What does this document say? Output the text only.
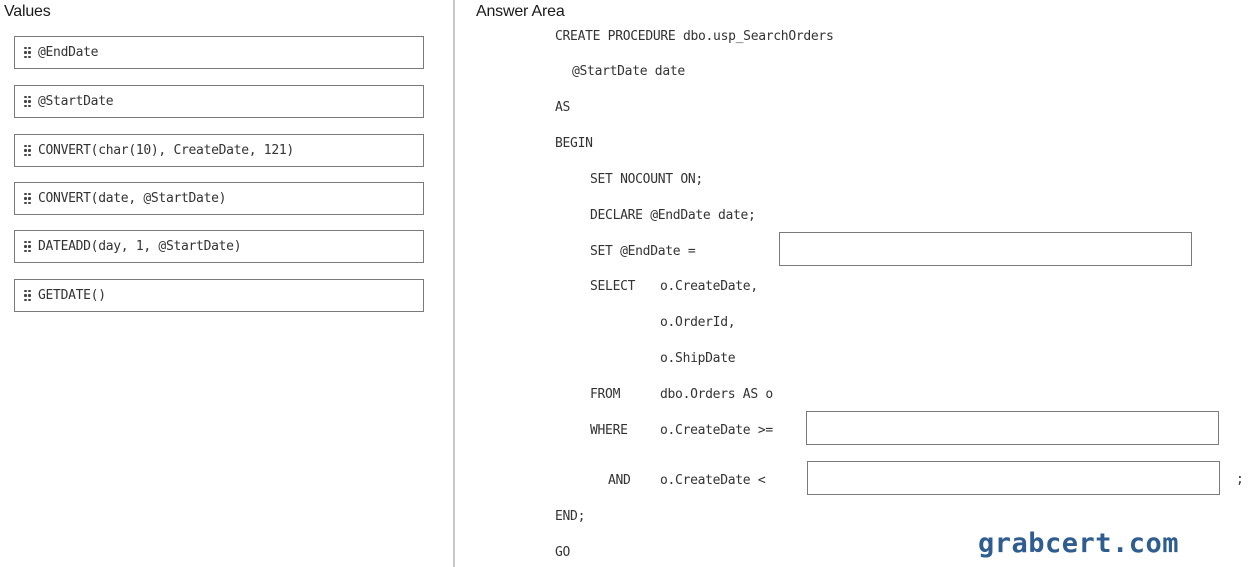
Values
@EndDate
@StartDate
CONVERT(char(10), CreateDate, 121)
CONVERT(date, @StartDate)
DATEADD(day, 1, @StartDate)
GETDATE()
Answer Area
CREATE PROCEDURE dbo.usp_SearchOrders
@StartDate date
AS
BEGIN
SET NOCOUNT ON;
DECLARE @EndDate date;
SET @EndDate =
SELECT o.CreateDate,
o.OrderId,
o.ShipDate
FROM	dbo.Orders AS o
WHERE o.CreateDate >=
AND o.CreateDate <	;
END;
GO	grabcert.com
